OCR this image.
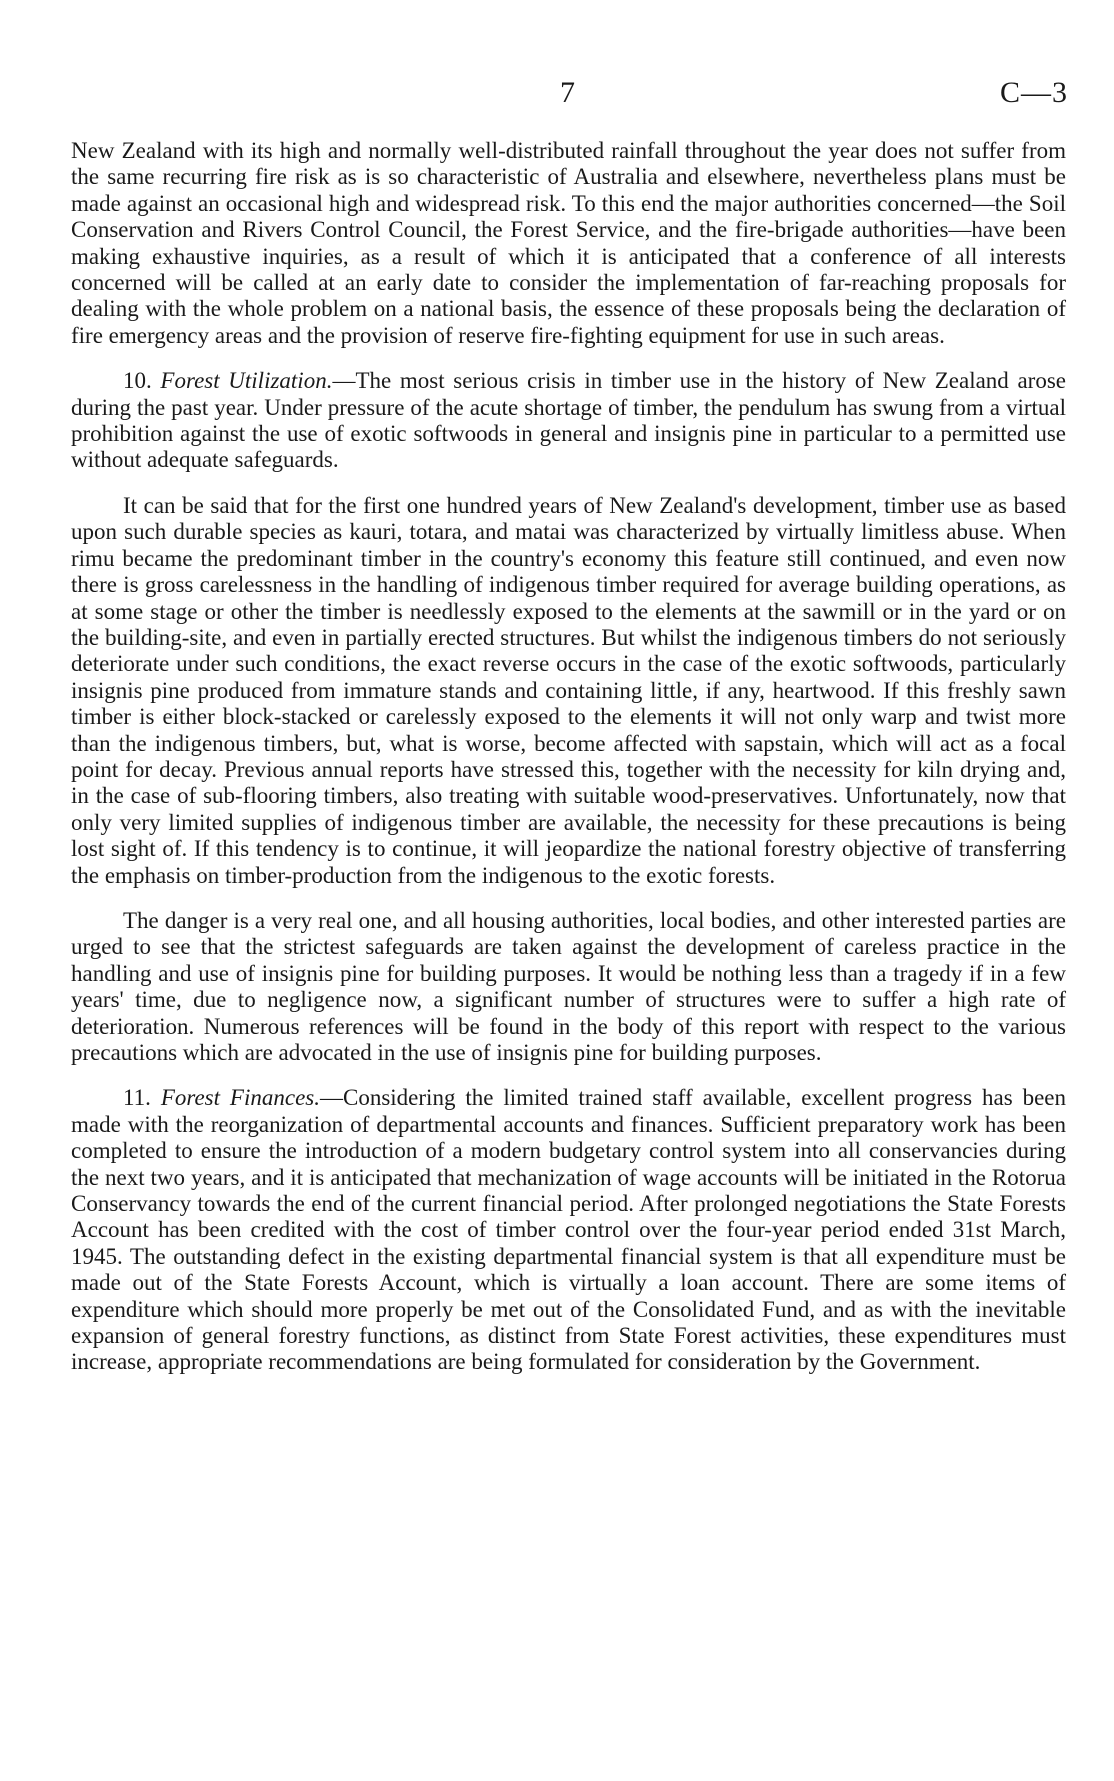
7	C—3

New Zealand with its high and normally well-distributed rainfall throughout the year does not suffer from the same recurring fire risk as is so characteristic of Australia and elsewhere, nevertheless plans must be made against an occasional high and widespread risk. To this end the major authorities concerned—the Soil Conservation and Rivers Control Council, the Forest Service, and the fire-brigade authorities—have been making exhaustive inquiries, as a result of which it is anticipated that a conference of all interests concerned will be called at an early date to consider the implementation of far-reaching proposals for dealing with the whole problem on a national basis, the essence of these proposals being the declaration of fire emergency areas and the provision of reserve fire-fighting equipment for use in such areas.

10. Forest Utilization.—The most serious crisis in timber use in the history of New Zealand arose during the past year. Under pressure of the acute shortage of timber, the pendulum has swung from a virtual prohibition against the use of exotic softwoods in general and insignis pine in particular to a permitted use without adequate safeguards.

It can be said that for the first one hundred years of New Zealand's development, timber use as based upon such durable species as kauri, totara, and matai was characterized by virtually limitless abuse. When rimu became the predominant timber in the country's economy this feature still continued, and even now there is gross carelessness in the handling of indigenous timber required for average building operations, as at some stage or other the timber is needlessly exposed to the elements at the sawmill or in the yard or on the building-site, and even in partially erected structures. But whilst the indigenous timbers do not seriously deteriorate under such conditions, the exact reverse occurs in the case of the exotic softwoods, particularly insignis pine produced from immature stands and containing little, if any, heartwood. If this freshly sawn timber is either block-stacked or carelessly exposed to the elements it will not only warp and twist more than the indigenous timbers, but, what is worse, become affected with sapstain, which will act as a focal point for decay. Previous annual reports have stressed this, together with the necessity for kiln drying and, in the case of sub-flooring timbers, also treating with suitable wood-preservatives. Unfortunately, now that only very limited supplies of indigenous timber are available, the necessity for these precautions is being lost sight of. If this tendency is to continue, it will jeopardize the national forestry objective of transferring the emphasis on timber-production from the indigenous to the exotic forests.

The danger is a very real one, and all housing authorities, local bodies, and other interested parties are urged to see that the strictest safeguards are taken against the development of careless practice in the handling and use of insignis pine for building purposes. It would be nothing less than a tragedy if in a few years' time, due to negligence now, a significant number of structures were to suffer a high rate of deterioration. Numerous references will be found in the body of this report with respect to the various precautions which are advocated in the use of insignis pine for building purposes.

11. Forest Finances.—Considering the limited trained staff available, excellent progress has been made with the reorganization of departmental accounts and finances. Sufficient preparatory work has been completed to ensure the introduction of a modern budgetary control system into all conservancies during the next two years, and it is anticipated that mechanization of wage accounts will be initiated in the Rotorua Conservancy towards the end of the current financial period. After prolonged negotiations the State Forests Account has been credited with the cost of timber control over the four-year period ended 31st March, 1945. The outstanding defect in the existing departmental financial system is that all expenditure must be made out of the State Forests Account, which is virtually a loan account. There are some items of expenditure which should more properly be met out of the Consolidated Fund, and as with the inevitable expansion of general forestry functions, as distinct from State Forest activities, these expenditures must increase, appropriate recommendations are being formulated for consideration by the Government.
